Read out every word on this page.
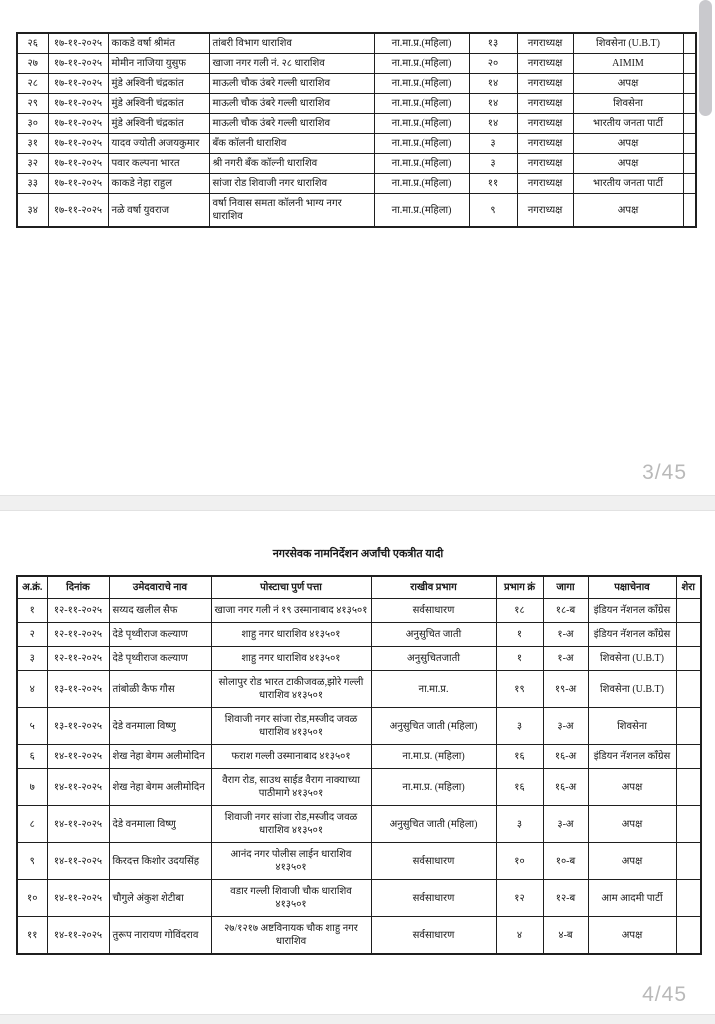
२६	१७-११-२०२५	काकडे वर्षा श्रीमंत	तांबरी विभाग धाराशिव	ना.मा.प्र.(महिला)	१३	नगराध्यक्ष	शिवसेना (U.B.T)	
२७	१७-११-२०२५	मोमीन नाजिया युसुफ	खाजा नगर गली नं. २८ धाराशिव	ना.मा.प्र.(महिला)	२०	नगराध्यक्ष	AIMIM	
२८	१७-११-२०२५	मुंडे अश्विनी चंद्रकांत	माऊली चौक उंबरे गल्ली धाराशिव	ना.मा.प्र.(महिला)	१४	नगराध्यक्ष	अपक्ष	
२९	१७-११-२०२५	मुंडे अश्विनी चंद्रकांत	माऊली चौक उंबरे गल्ली धाराशिव	ना.मा.प्र.(महिला)	१४	नगराध्यक्ष	शिवसेना	
३०	१७-११-२०२५	मुंडे अश्विनी चंद्रकांत	माऊली चौक उंबरे गल्ली धाराशिव	ना.मा.प्र.(महिला)	१४	नगराध्यक्ष	भारतीय जनता पार्टी	
३१	१७-११-२०२५	यादव ज्योती अजयकुमार	बँक कॉलनी धाराशिव	ना.मा.प्र.(महिला)	३	नगराध्यक्ष	अपक्ष	
३२	१७-११-२०२५	पवार कल्पना भारत	श्री नगरी बँक कॉल्नी धाराशिव	ना.मा.प्र.(महिला)	३	नगराध्यक्ष	अपक्ष	
३३	१७-११-२०२५	काकडे नेहा राहुल	सांजा रोड शिवाजी नगर धाराशिव	ना.मा.प्र.(महिला)	११	नगराध्यक्ष	भारतीय जनता पार्टी	
३४	१७-११-२०२५	नळे वर्षा युवराज	वर्षा निवास समता कॉलनी भाग्य नगर धाराशिव	ना.मा.प्र.(महिला)	९	नगराध्यक्ष	अपक्ष	
3/45
नगरसेवक नामनिर्देशन अर्जांची एकत्रीत यादी
अ.क्रं.	दिनांक	उमेदवाराचे नाव	पोस्टाचा पुर्ण पत्ता	राखीव प्रभाग	प्रभाग क्रं	जागा	पक्षाचेनाव	शेरा
१	१२-११-२०२५	सय्यद खलील सैफ	खाजा नगर गली नं १९ उस्मानाबाद ४१३५०१	सर्वसाधारण	१८	१८-ब	इंडियन नॅशनल कॉंग्रेस	
२	१२-११-२०२५	देडे पृथ्वीराज कल्याण	शाहु नगर धाराशिव ४१३५०१	अनुसुचित जाती	१	१-अ	इंडियन नॅशनल कॉंग्रेस	
३	१२-११-२०२५	देडे पृथ्वीराज कल्याण	शाहु नगर धाराशिव ४१३५०१	अनुसुचितजाती	१	१-अ	शिवसेना (U.B.T)	
४	१३-११-२०२५	तांबोळी कैफ गौस	सोलापुर रोड भारत टाकीजवळ,झोरे गल्ली धाराशिव ४१३५०१	ना.मा.प्र.	१९	१९-अ	शिवसेना (U.B.T)	
५	१३-११-२०२५	देडे वनमाला विष्णु	शिवाजी नगर सांजा रोड,मस्जीद जवळ धाराशिव ४१३५०१	अनुसुचित जाती (महिला)	३	३-अ	शिवसेना	
६	१४-११-२०२५	शेख नेहा बेगम अलीमोदिन	फराश गल्ली उस्मानाबाद ४१३५०१	ना.मा.प्र. (महिला)	१६	१६-अ	इंडियन नॅशनल कॉंग्रेस	
७	१४-११-२०२५	शेख नेहा बेगम अलीमोदिन	वैराग रोड, साउथ साईड वैराग नाक्याच्या पाठीमागे ४१३५०१	ना.मा.प्र. (महिला)	१६	१६-अ	अपक्ष	
८	१४-११-२०२५	देडे वनमाला विष्णु	शिवाजी नगर सांजा रोड,मस्जीद जवळ धाराशिव ४१३५०१	अनुसुचित जाती (महिला)	३	३-अ	अपक्ष	
९	१४-११-२०२५	किरदत्त किशोर उदयसिंह	आनंद नगर पोलीस लाईन धाराशिव ४१३५०१	सर्वसाधारण	१०	१०-ब	अपक्ष	
१०	१४-११-२०२५	चौगुले अंकुश शेटीबा	वडार गल्ली शिवाजी चौक धाराशिव ४१३५०१	सर्वसाधारण	१२	१२-ब	आम आदमी पार्टी	
११	१४-११-२०२५	तुरूप नारायण गोविंदराव	२७/१२१७ अष्टविनायक चौक शाहु नगर धाराशिव	सर्वसाधारण	४	४-ब	अपक्ष	
4/45
